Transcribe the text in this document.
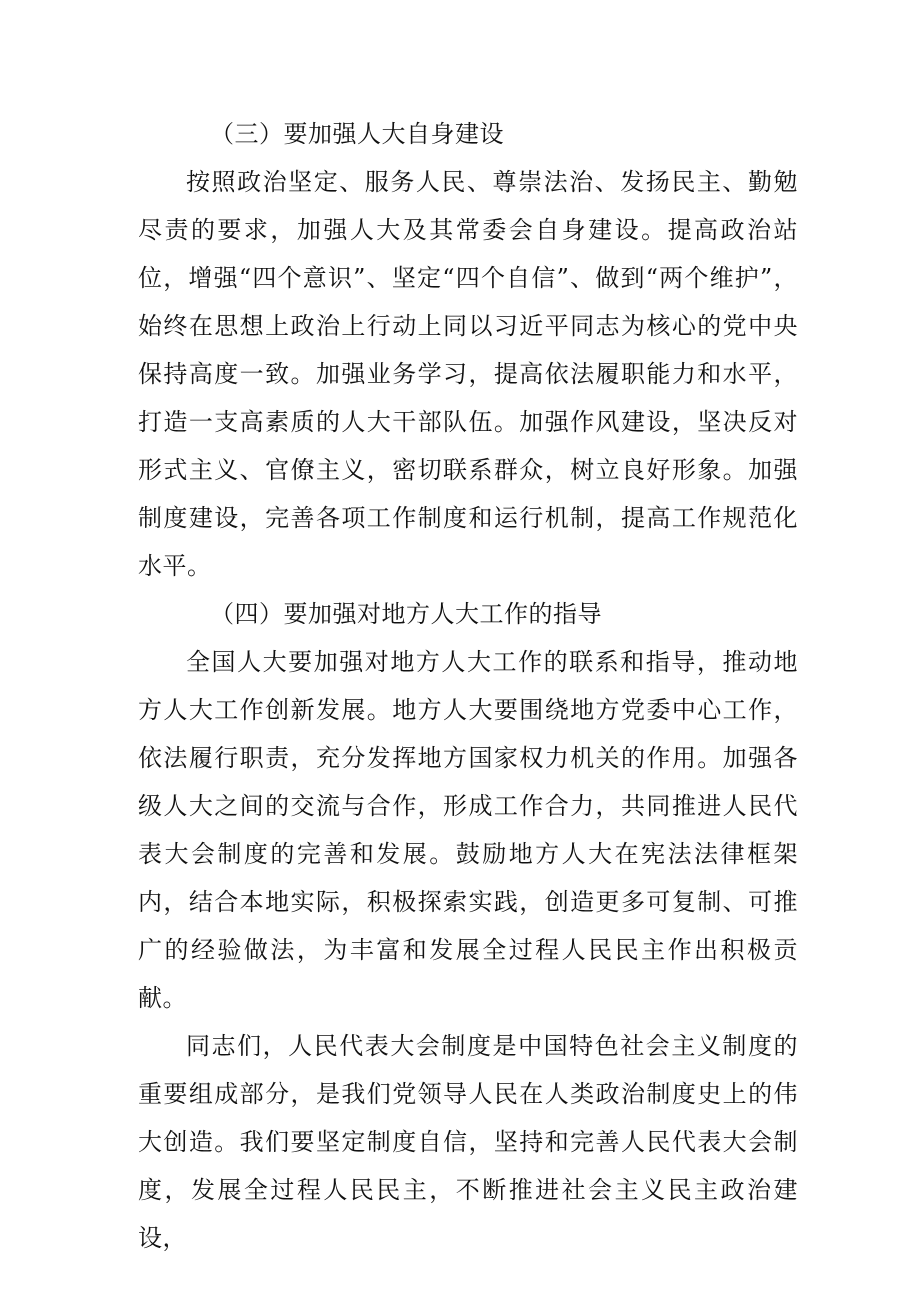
（三）要加强人大自身建设

按照政治坚定、服务人民、尊崇法治、发扬民主、勤勉尽责的要求，加强人大及其常委会自身建设。提高政治站位，增强“四个意识”、坚定“四个自信”、做到“两个维护”，始终在思想上政治上行动上同以习近平同志为核心的党中央保持高度一致。加强业务学习，提高依法履职能力和水平，打造一支高素质的人大干部队伍。加强作风建设，坚决反对形式主义、官僚主义，密切联系群众，树立良好形象。加强制度建设，完善各项工作制度和运行机制，提高工作规范化水平。

（四）要加强对地方人大工作的指导

全国人大要加强对地方人大工作的联系和指导，推动地方人大工作创新发展。地方人大要围绕地方党委中心工作，依法履行职责，充分发挥地方国家权力机关的作用。加强各级人大之间的交流与合作，形成工作合力，共同推进人民代表大会制度的完善和发展。鼓励地方人大在宪法法律框架内，结合本地实际，积极探索实践，创造更多可复制、可推广的经验做法，为丰富和发展全过程人民民主作出积极贡献。

同志们，人民代表大会制度是中国特色社会主义制度的重要组成部分，是我们党领导人民在人类政治制度史上的伟大创造。我们要坚定制度自信，坚持和完善人民代表大会制度，发展全过程人民民主，不断推进社会主义民主政治建设，
